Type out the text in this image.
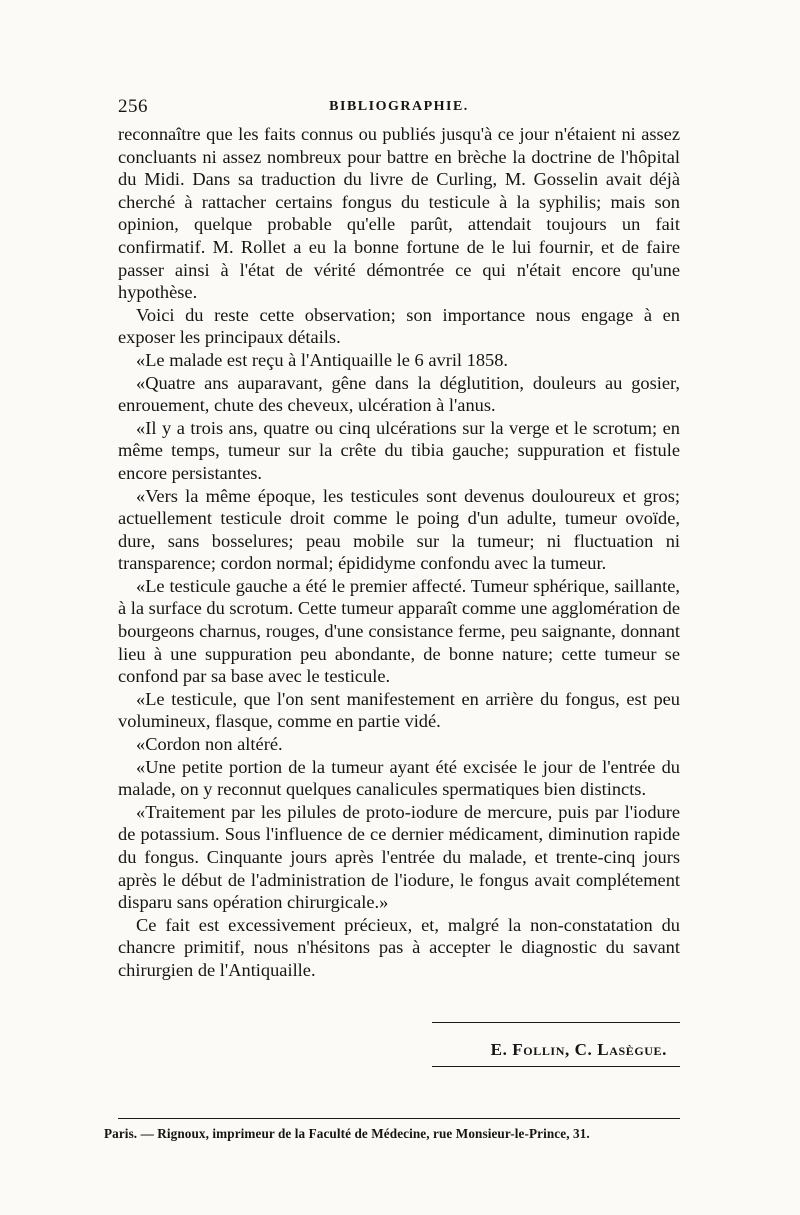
256	BIBLIOGRAPHIE.

reconnaître que les faits connus ou publiés jusqu'à ce jour n'étaient ni assez concluants ni assez nombreux pour battre en brèche la doctrine de l'hôpital du Midi. Dans sa traduction du livre de Curling, M. Gosselin avait déjà cherché à rattacher certains fongus du testicule à la syphilis; mais son opinion, quelque probable qu'elle parût, attendait toujours un fait confirmatif. M. Rollet a eu la bonne fortune de le lui fournir, et de faire passer ainsi à l'état de vérité démontrée ce qui n'était encore qu'une hypothèse.

Voici du reste cette observation; son importance nous engage à en exposer les principaux détails.

«Le malade est reçu à l'Antiquaille le 6 avril 1858.

«Quatre ans auparavant, gêne dans la déglutition, douleurs au gosier, enrouement, chute des cheveux, ulcération à l'anus.

«Il y a trois ans, quatre ou cinq ulcérations sur la verge et le scrotum; en même temps, tumeur sur la crête du tibia gauche; suppuration et fistule encore persistantes.

«Vers la même époque, les testicules sont devenus douloureux et gros; actuellement testicule droit comme le poing d'un adulte, tumeur ovoïde, dure, sans bosselures; peau mobile sur la tumeur; ni fluctuation ni transparence; cordon normal; épididyme confondu avec la tumeur.

«Le testicule gauche a été le premier affecté. Tumeur sphérique, saillante, à la surface du scrotum. Cette tumeur apparaît comme une agglomération de bourgeons charnus, rouges, d'une consistance ferme, peu saignante, donnant lieu à une suppuration peu abondante, de bonne nature; cette tumeur se confond par sa base avec le testicule.

«Le testicule, que l'on sent manifestement en arrière du fongus, est peu volumineux, flasque, comme en partie vidé.

«Cordon non altéré.

«Une petite portion de la tumeur ayant été excisée le jour de l'entrée du malade, on y reconnut quelques canalicules spermatiques bien distincts.

«Traitement par les pilules de proto-iodure de mercure, puis par l'iodure de potassium. Sous l'influence de ce dernier médicament, diminution rapide du fongus. Cinquante jours après l'entrée du malade, et trente-cinq jours après le début de l'administration de l'iodure, le fongus avait complétement disparu sans opération chirurgicale.»

Ce fait est excessivement précieux, et, malgré la non-constatation du chancre primitif, nous n'hésitons pas à accepter le diagnostic du savant chirurgien de l'Antiquaille.

E. Follin, C. Lasègue.
Paris. — Rignoux, imprimeur de la Faculté de Médecine, rue Monsieur-le-Prince, 31.
